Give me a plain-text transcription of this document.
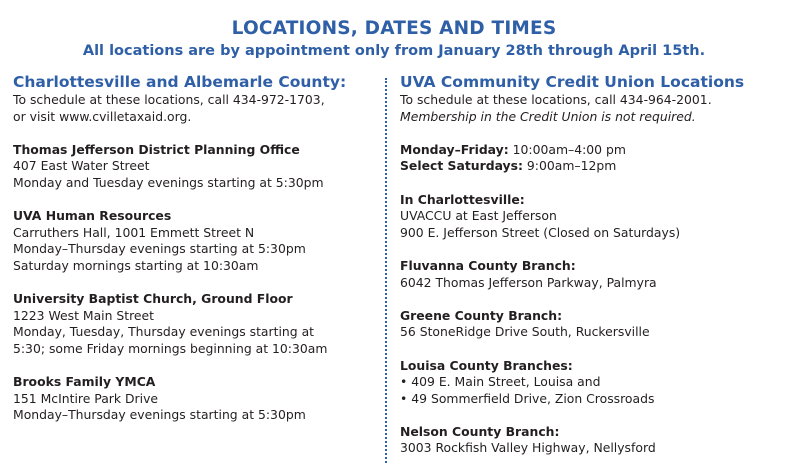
LOCATIONS, DATES AND TIMES
All locations are by appointment only from January 28th through April 15th.
Charlottesville and Albemarle County:
To schedule at these locations, call 434-972-1703,
or visit www.cvilletaxaid.org.
Thomas Jefferson District Planning Office
407 East Water Street
Monday and Tuesday evenings starting at 5:30pm
UVA Human Resources
Carruthers Hall, 1001 Emmett Street N
Monday–Thursday evenings starting at 5:30pm
Saturday mornings starting at 10:30am
University Baptist Church, Ground Floor
1223 West Main Street
Monday, Tuesday, Thursday evenings starting at
5:30; some Friday mornings beginning at 10:30am
Brooks Family YMCA
151 McIntire Park Drive
Monday–Thursday evenings starting at 5:30pm
UVA Community Credit Union Locations
To schedule at these locations, call 434-964-2001.
Membership in the Credit Union is not required.
Monday–Friday: 10:00am–4:00 pm
Select Saturdays: 9:00am–12pm
In Charlottesville:
UVACCU at East Jefferson
900 E. Jefferson Street (Closed on Saturdays)
Fluvanna County Branch:
6042 Thomas Jefferson Parkway, Palmyra
Greene County Branch:
56 StoneRidge Drive South, Ruckersville
Louisa County Branches:
• 409 E. Main Street, Louisa and
• 49 Sommerfield Drive, Zion Crossroads
Nelson County Branch:
3003 Rockfish Valley Highway, Nellysford
